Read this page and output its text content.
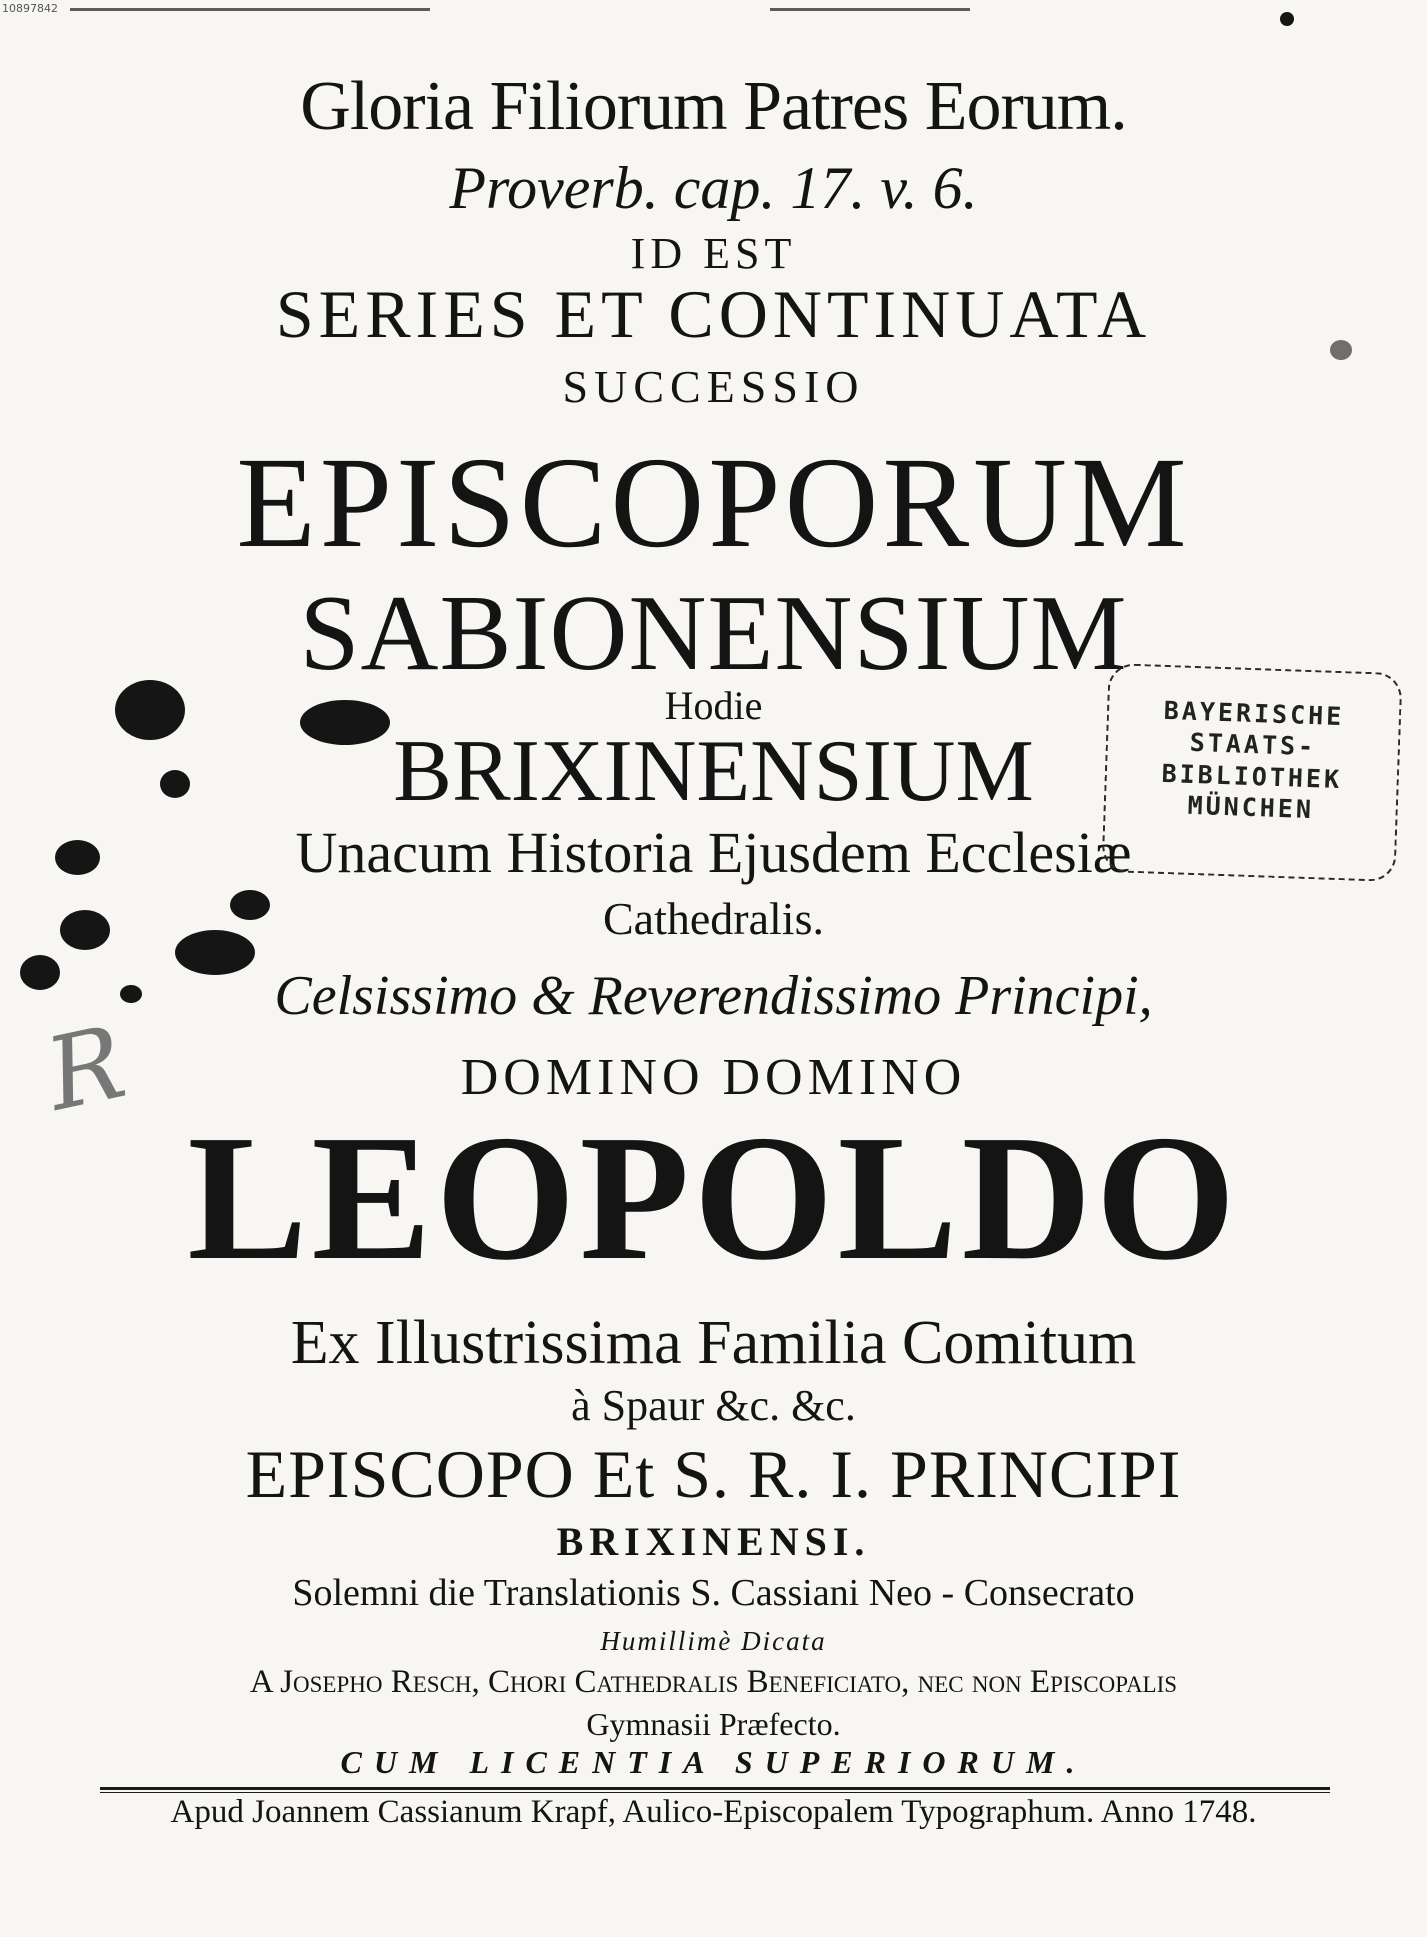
10897842
Gloria Filiorum Patres Eorum.
Proverb. cap. 17. v. 6.
ID EST
SERIES ET CONTINUATA
SUCCESSIO
EPISCOPORUM
SABIONENSIUM
Hodie
BRIXINENSIUM
Unacum Historia Ejusdem Ecclesiæ
Cathedralis.
Celsissimo & Reverendissimo Principi,
DOMINO DOMINO
LEOPOLDO
Ex Illustrissima Familia Comitum
à Spaur &c. &c.
EPISCOPO Et S. R. I. PRINCIPI
BRIXINENSI.
Solemni die Translationis S. Cassiani Neo - Consecrato
Humillimè Dicata
A Josepho Resch, Chori Cathedralis Beneficiato, nec non Episcopalis
Gymnasii Præfecto.
CUM LICENTIA SUPERIORUM.
Apud Joannem Cassianum Krapf, Aulico-Episcopalem Typographum. Anno 1748.
BAYERISCHE
STAATS-
BIBLIOTHEK
MÜNCHEN
R
